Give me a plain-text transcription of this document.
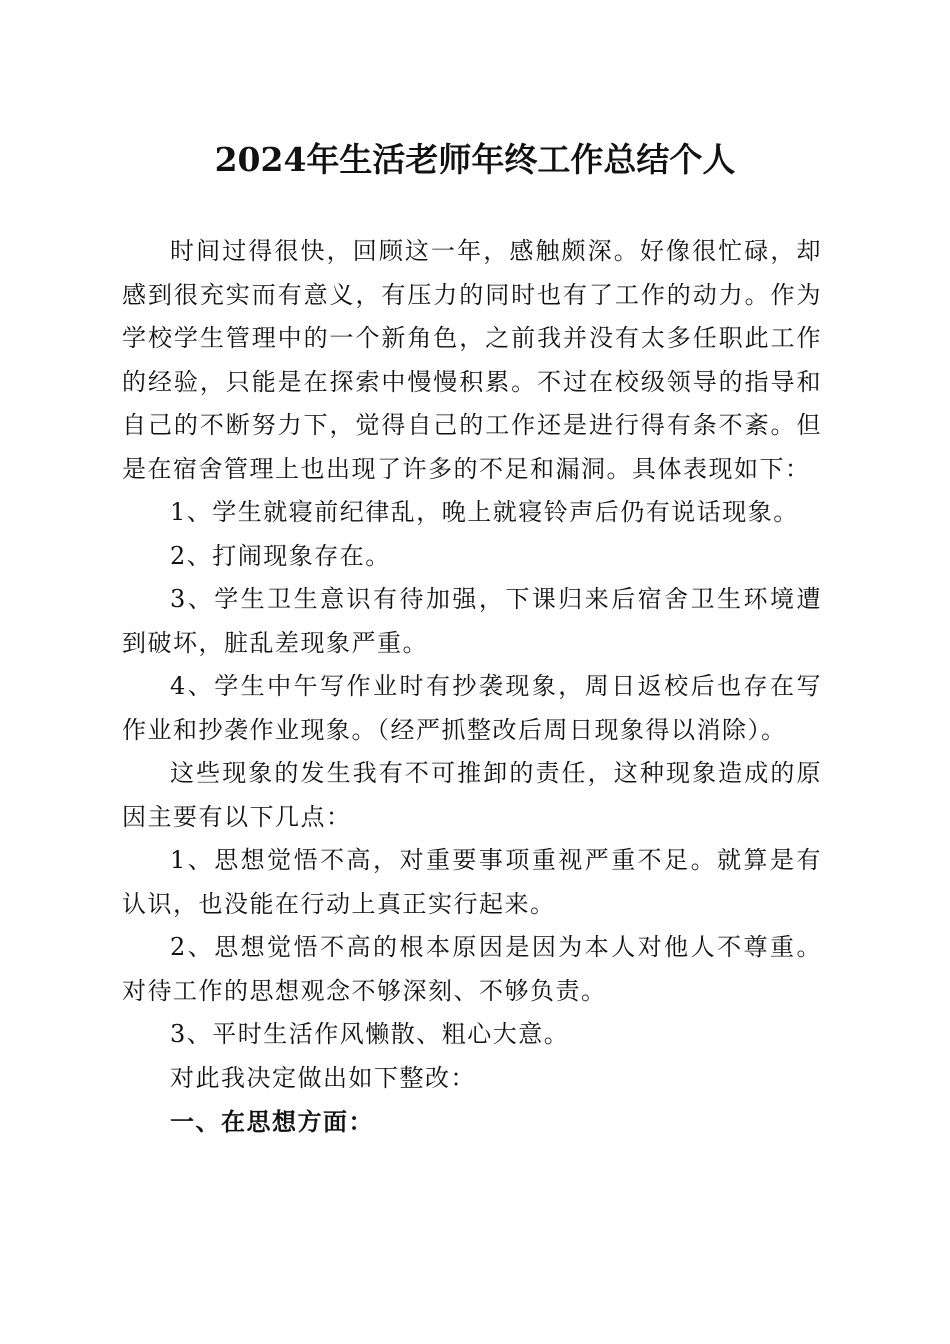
2024年生活老师年终工作总结个人

时间过得很快，回顾这一年，感触颇深。好像很忙碌，却感到很充实而有意义，有压力的同时也有了工作的动力。作为学校学生管理中的一个新角色，之前我并没有太多任职此工作的经验，只能是在探索中慢慢积累。不过在校级领导的指导和自己的不断努力下，觉得自己的工作还是进行得有条不紊。但是在宿舍管理上也出现了许多的不足和漏洞。具体表现如下：

1、学生就寝前纪律乱，晚上就寝铃声后仍有说话现象。

2、打闹现象存在。

3、学生卫生意识有待加强，下课归来后宿舍卫生环境遭到破坏，脏乱差现象严重。

4、学生中午写作业时有抄袭现象，周日返校后也存在写作业和抄袭作业现象。（经严抓整改后周日现象得以消除）。

这些现象的发生我有不可推卸的责任，这种现象造成的原因主要有以下几点：

1、思想觉悟不高，对重要事项重视严重不足。就算是有认识，也没能在行动上真正实行起来。

2、思想觉悟不高的根本原因是因为本人对他人不尊重。对待工作的思想观念不够深刻、不够负责。

3、平时生活作风懒散、粗心大意。

对此我决定做出如下整改：

一、在思想方面：
